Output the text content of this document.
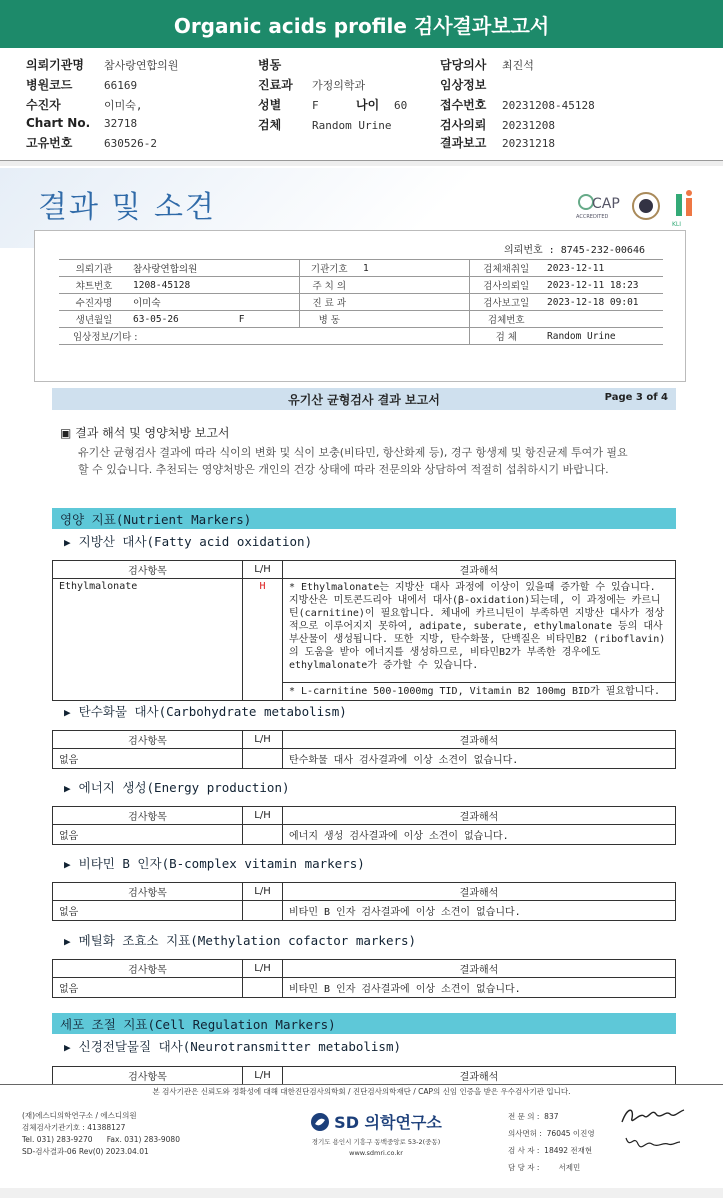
Organic acids profile 검사결과보고서
의뢰기관명 참사랑연합의원
병원코드	66169
수진자	이미숙,
Chart No. 32718
고유번호	630526-2
병동
진료과 가정의학과
성별	F	나이 60
검체	Random Urine
담당의사 최진석
임상정보
접수번호 20231208-45128
검사의뢰 20231208
결과보고 20231218
결과 및 소견	CAP
ACCREDITED
KLI
의뢰번호 : 8745-232-00646
의뢰기관	참사랑연합의원	기관기호	1	검체채취일	2023-12-11
챠트번호	1208-45128	주 치 의		검사의뢰일	2023-12-11 18:23
수진자명	이미숙	진 료 과		검사보고일	2023-12-18 09:01
생년월일	63-05-26 F	병 동		검체번호	
임상정보/기타 :				검 체	Random Urine
유기산 균형검사 결과 보고서	Page 3 of 4
▣ 결과 해석 및 영양처방 보고서
유기산 균형검사 결과에 따라 식이의 변화 및 식이 보충(비타민, 항산화제 등), 경구 항생제 및 항진균제 투여가 필요할 수 있습니다. 추천되는 영양처방은 개인의 건강 상태에 따라 전문의와 상담하여 적절히 섭취하시기 바랍니다.
영양 지표(Nutrient Markers)
▶ 지방산 대사(Fatty acid oxidation)
검사항목	L/H	결과해석
Ethylmalonate	H	* Ethylmalonate는 지방산 대사 과정에 이상이 있을때 증가할 수 있습니다. 지방산은 미토콘드리아 내에서 대사(β-oxidation)되는데, 이 과정에는 카르니틴(carnitine)이 필요합니다. 체내에 카르니틴이 부족하면 지방산 대사가 정상적으로 이루어지지 못하여, adipate, suberate, ethylmalonate 등의 대사 부산물이 생성됩니다. 또한 지방, 탄수화물, 단백질은 비타민B2 (riboflavin)의 도움을 받아 에너지를 생성하므로, 비타민B2가 부족한 경우에도 ethylmalonate가 증가할 수 있습니다.
		* L-carnitine 500-1000mg TID, Vitamin B2 100mg BID가 필요합니다.
▶ 탄수화물 대사(Carbohydrate metabolism)
검사항목	L/H	결과해석
없음		탄수화물 대사 검사결과에 이상 소견이 없습니다.
▶ 에너지 생성(Energy production)
검사항목	L/H	결과해석
없음		에너지 생성 검사결과에 이상 소견이 없습니다.
▶ 비타민 B 인자(B-complex vitamin markers)
검사항목	L/H	결과해석
없음		비타민 B 인자 검사결과에 이상 소견이 없습니다.
▶ 메틸화 조효소 지표(Methylation cofactor markers)
검사항목	L/H	결과해석
없음		비타민 B 인자 검사결과에 이상 소견이 없습니다.
세포 조절 지표(Cell Regulation Markers)
▶ 신경전달물질 대사(Neurotransmitter metabolism)
검사항목	L/H	결과해석
본 검사기관은 신뢰도와 정확성에 대해 대한진단검사의학회 / 진단검사의학재단 / CAP의 신임 인증을 받은 우수검사기관 입니다.
(재)에스디의학연구소 / 에스디의원
검체검사기관기호 : 41388127
Tel. 031) 283-9270      Fax. 031) 283-9080
SD-검사결과-06 Rev(0) 2023.04.01
SD 의학연구소
경기도 용인시 기흥구 동백중앙로 53-2(중동)
www.sdmri.co.kr
전 문 의 :  837
의사면허 :  76045 이진영
검 사 자 :  18492 전재현
담 당 자 :        서제민
